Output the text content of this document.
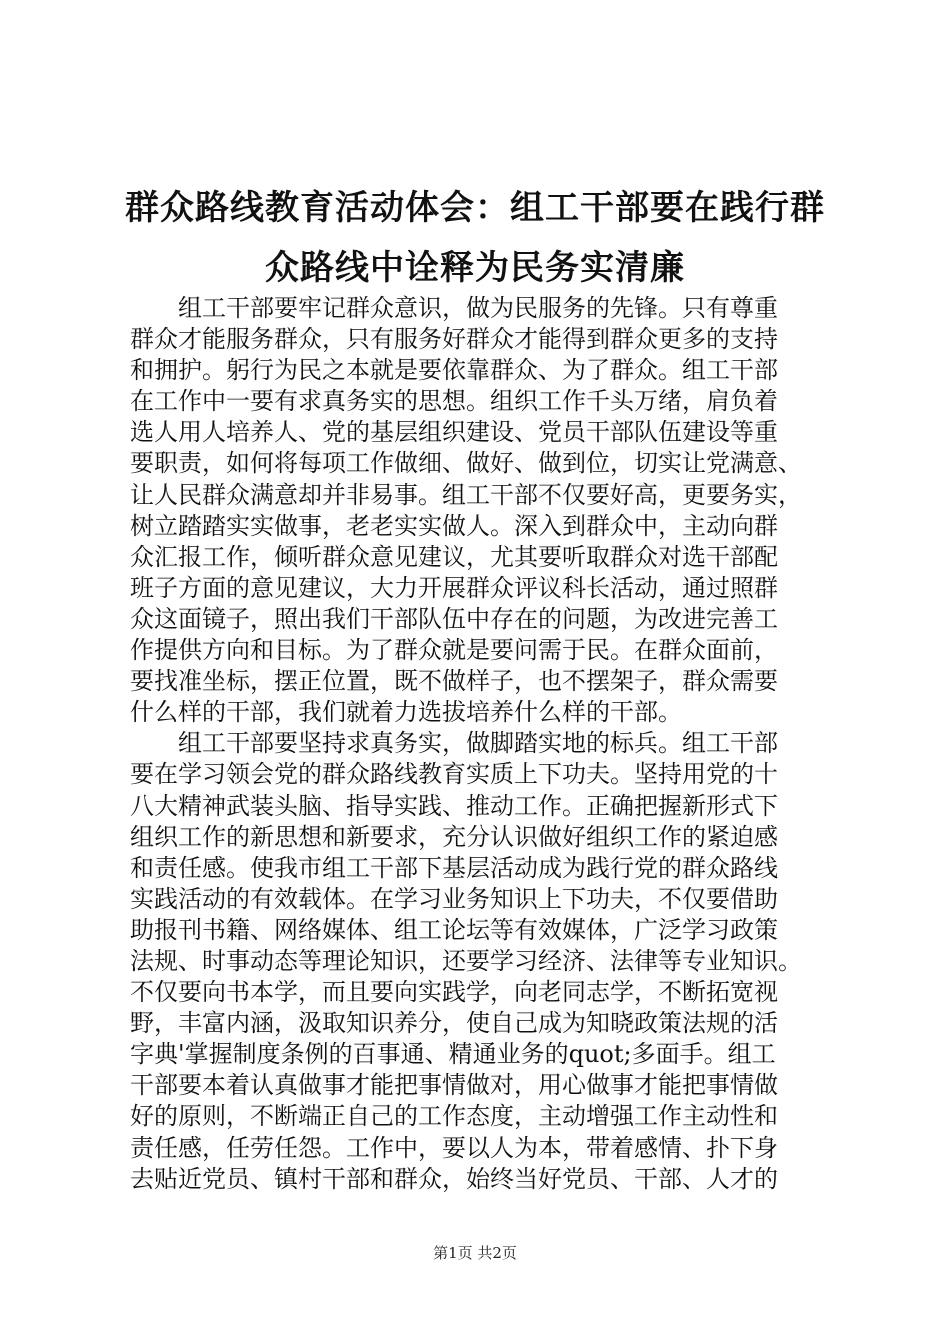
群众路线教育活动体会：组工干部要在践行群
众路线中诠释为民务实清廉
组工干部要牢记群众意识，做为民服务的先锋。只有尊重
群众才能服务群众，只有服务好群众才能得到群众更多的支持
和拥护。躬行为民之本就是要依靠群众、为了群众。组工干部
在工作中一要有求真务实的思想。组织工作千头万绪，肩负着
选人用人培养人、党的基层组织建设、党员干部队伍建设等重
要职责，如何将每项工作做细、做好、做到位，切实让党满意、
让人民群众满意却并非易事。组工干部不仅要好高，更要务实，
树立踏踏实实做事，老老实实做人。深入到群众中，主动向群
众汇报工作，倾听群众意见建议，尤其要听取群众对选干部配
班子方面的意见建议，大力开展群众评议科长活动，通过照群
众这面镜子，照出我们干部队伍中存在的问题，为改进完善工
作提供方向和目标。为了群众就是要问需于民。在群众面前，
要找准坐标，摆正位置，既不做样子，也不摆架子，群众需要
什么样的干部，我们就着力选拔培养什么样的干部。
组工干部要坚持求真务实，做脚踏实地的标兵。组工干部
要在学习领会党的群众路线教育实质上下功夫。坚持用党的十
八大精神武装头脑、指导实践、推动工作。正确把握新形式下
组织工作的新思想和新要求，充分认识做好组织工作的紧迫感
和责任感。使我市组工干部下基层活动成为践行党的群众路线
实践活动的有效载体。在学习业务知识上下功夫，不仅要借助
助报刊书籍、网络媒体、组工论坛等有效媒体，广泛学习政策
法规、时事动态等理论知识，还要学习经济、法律等专业知识。
不仅要向书本学，而且要向实践学，向老同志学，不断拓宽视
野，丰富内涵，汲取知识养分，使自己成为知晓政策法规的活
字典'掌握制度条例的百事通、精通业务的quot;多面手。组工
干部要本着认真做事才能把事情做对，用心做事才能把事情做
好的原则，不断端正自己的工作态度，主动增强工作主动性和
责任感，任劳任怨。工作中，要以人为本，带着感情、扑下身
去贴近党员、镇村干部和群众，始终当好党员、干部、人才的
第1页 共2页
